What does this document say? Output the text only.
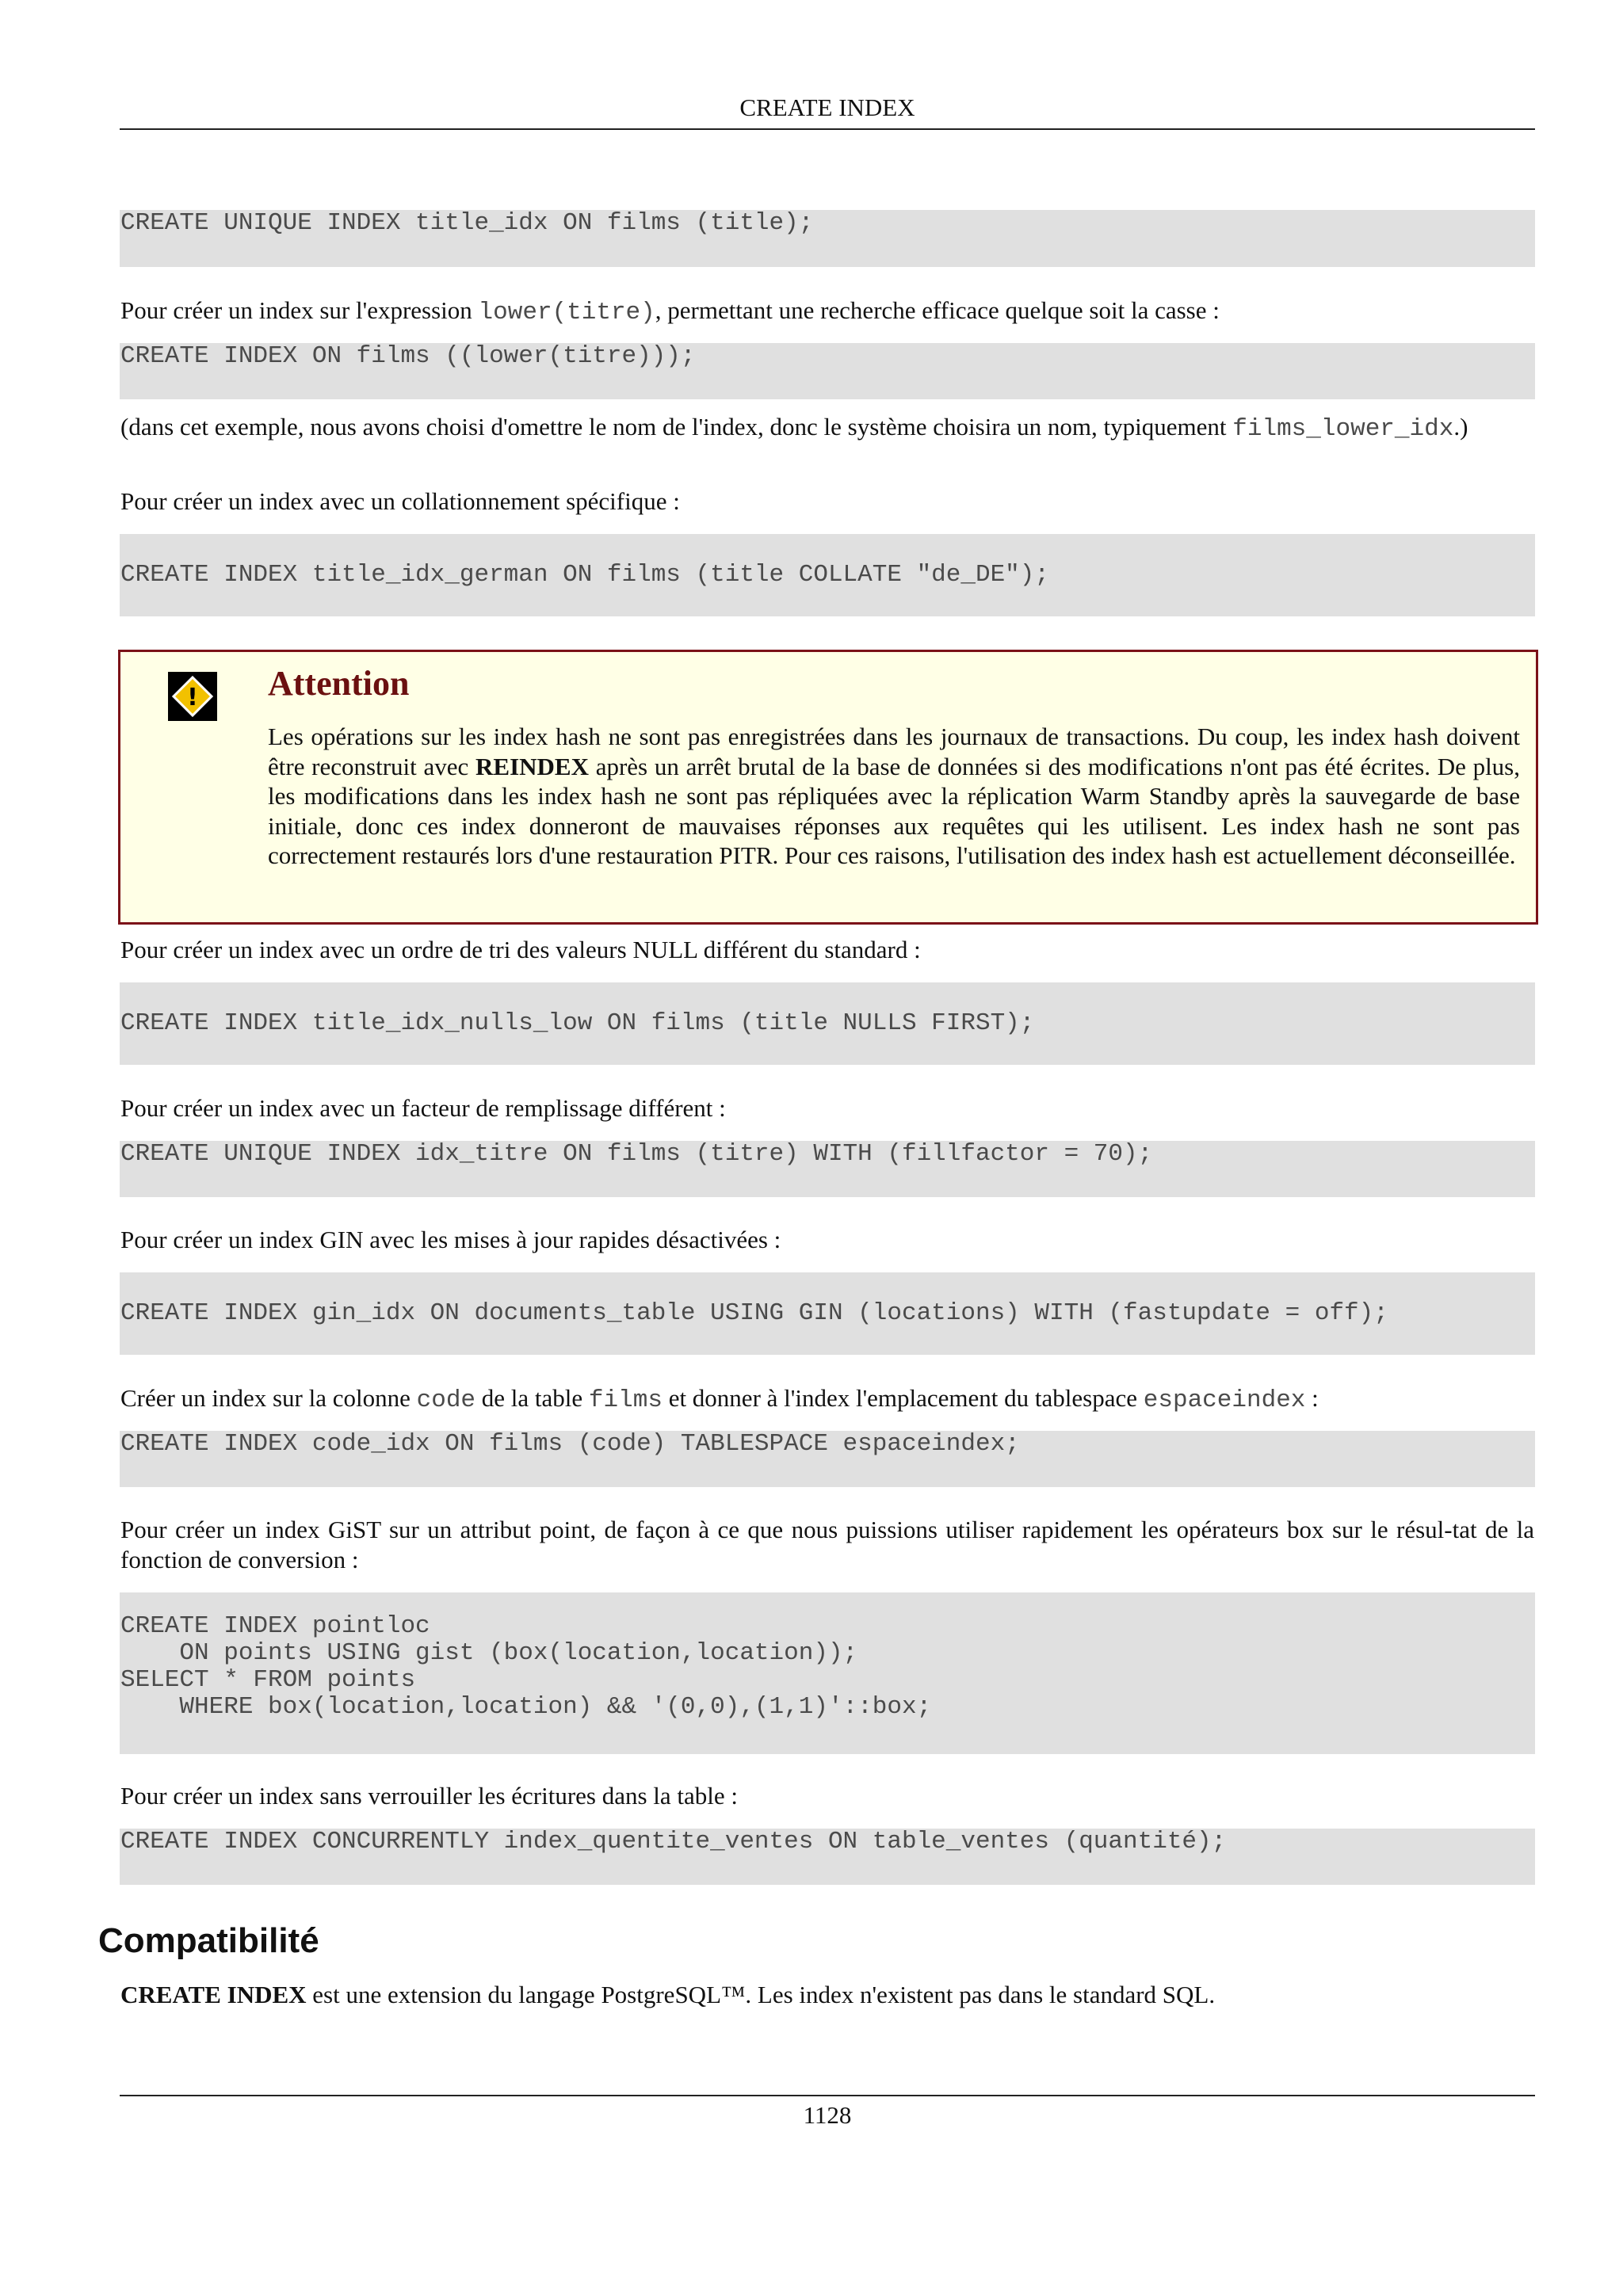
CREATE INDEX
CREATE UNIQUE INDEX title_idx ON films (title);

Pour créer un index sur l'expression lower(titre), permettant une recherche efficace quelque soit la casse :

CREATE INDEX ON films ((lower(titre)));

(dans cet exemple, nous avons choisi d'omettre le nom de l'index, donc le système choisira un nom, typiquement films_lower_idx.)

Pour créer un index avec un collationnement spécifique :

CREATE INDEX title_idx_german ON films (title COLLATE "de_DE");
! Attention

Les opérations sur les index hash ne sont pas enregistrées dans les journaux de transactions. Du coup, les index hash doivent être reconstruit avec REINDEX après un arrêt brutal de la base de données si des modifications n'ont pas été écrites. De plus, les modifications dans les index hash ne sont pas répliquées avec la réplication Warm Standby après la sauvegarde de base initiale, donc ces index donneront de mauvaises réponses aux requêtes qui les utilisent. Les index hash ne sont pas correctement restaurés lors d'une restauration PITR. Pour ces raisons, l'utilisation des index hash est actuellement déconseillée.

Pour créer un index avec un ordre de tri des valeurs NULL différent du standard :

CREATE INDEX title_idx_nulls_low ON films (title NULLS FIRST);

Pour créer un index avec un facteur de remplissage différent :

CREATE UNIQUE INDEX idx_titre ON films (titre) WITH (fillfactor = 70);

Pour créer un index GIN avec les mises à jour rapides désactivées :

CREATE INDEX gin_idx ON documents_table USING GIN (locations) WITH (fastupdate = off);

Créer un index sur la colonne code de la table films et donner à l'index l'emplacement du tablespace espaceindex :

CREATE INDEX code_idx ON films (code) TABLESPACE espaceindex;

Pour créer un index GiST sur un attribut point, de façon à ce que nous puissions utiliser rapidement les opérateurs box sur le résul-tat de la fonction de conversion :

CREATE INDEX pointloc
ON points USING gist (box(location,location));
SELECT * FROM points
WHERE box(location,location) && '(0,0),(1,1)'::box;

Pour créer un index sans verrouiller les écritures dans la table :

CREATE INDEX CONCURRENTLY index_quentite_ventes ON table_ventes (quantité);
Compatibilité

CREATE INDEX est une extension du langage PostgreSQL™. Les index n'existent pas dans le standard SQL.

1128
